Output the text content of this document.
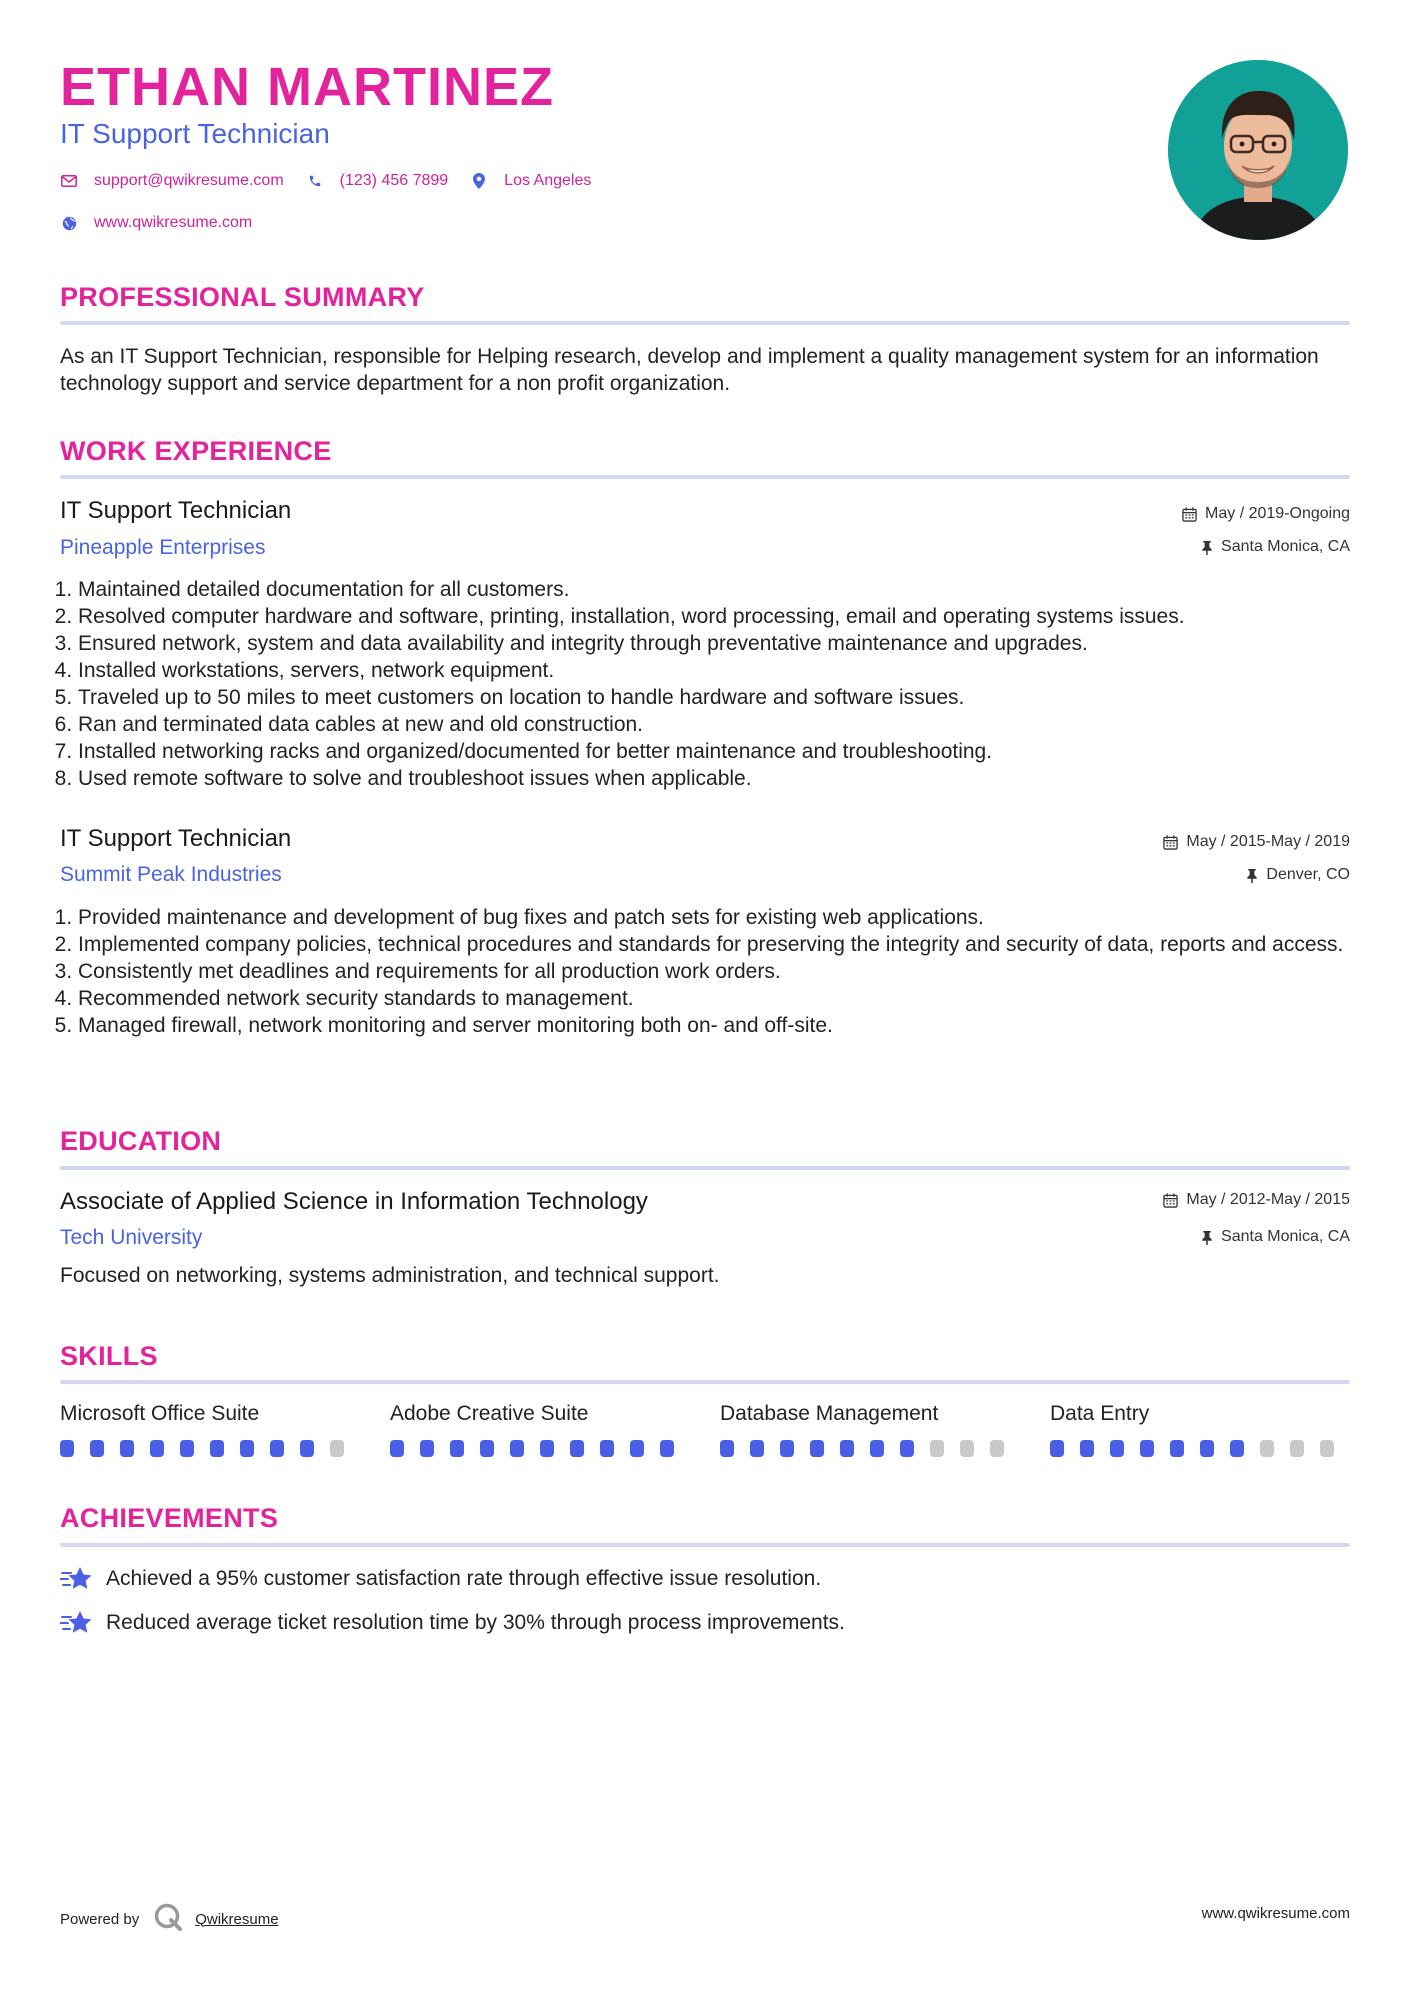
ETHAN MARTINEZ
IT Support Technician
support@qwikresume.com	(123) 456 7899	Los Angeles
www.qwikresume.com
PROFESSIONAL SUMMARY
As an IT Support Technician, responsible for Helping research, develop and implement a quality management system for an information technology support and service department for a non profit organization.
WORK EXPERIENCE
IT Support Technician
Pineapple Enterprises
May / 2019-Ongoing
Santa Monica, CA
1. Maintained detailed documentation for all customers.
2. Resolved computer hardware and software, printing, installation, word processing, email and operating systems issues.
3. Ensured network, system and data availability and integrity through preventative maintenance and upgrades.
4. Installed workstations, servers, network equipment.
5. Traveled up to 50 miles to meet customers on location to handle hardware and software issues.
6. Ran and terminated data cables at new and old construction.
7. Installed networking racks and organized/documented for better maintenance and troubleshooting.
8. Used remote software to solve and troubleshoot issues when applicable.
IT Support Technician
Summit Peak Industries
May / 2015-May / 2019
Denver, CO
1. Provided maintenance and development of bug fixes and patch sets for existing web applications.
2. Implemented company policies, technical procedures and standards for preserving the integrity and security of data, reports and access.
3. Consistently met deadlines and requirements for all production work orders.
4. Recommended network security standards to management.
5. Managed firewall, network monitoring and server monitoring both on- and off-site.
EDUCATION
Associate of Applied Science in Information Technology
Tech University
May / 2012-May / 2015
Santa Monica, CA
Focused on networking, systems administration, and technical support.
SKILLS
Microsoft Office Suite	Adobe Creative Suite	Database Management	Data Entry
ACHIEVEMENTS
Achieved a 95% customer satisfaction rate through effective issue resolution.
Reduced average ticket resolution time by 30% through process improvements.
Powered by	Qwikresume	www.qwikresume.com
